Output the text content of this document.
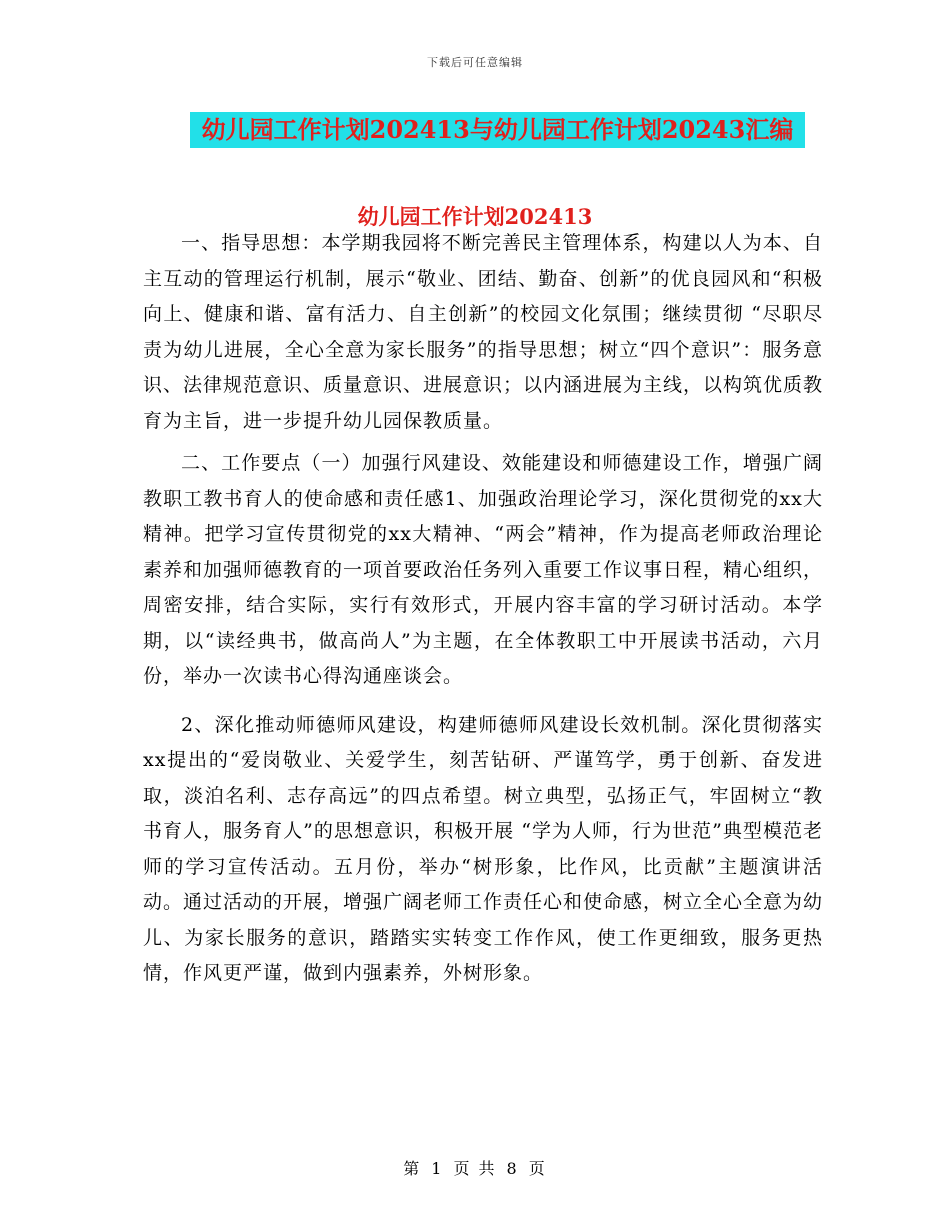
下载后可任意编辑
幼儿园工作计划202413与幼儿园工作计划20243汇编
幼儿园工作计划202413

一、指导思想：本学期我园将不断完善民主管理体系，构建以人为本、自主互动的管理运行机制，展示“敬业、团结、勤奋、创新”的优良园风和“积极向上、健康和谐、富有活力、自主创新”的校园文化氛围；继续贯彻 “尽职尽责为幼儿进展，全心全意为家长服务”的指导思想；树立“四个意识”：服务意识、法律规范意识、质量意识、进展意识；以内涵进展为主线，以构筑优质教育为主旨，进一步提升幼儿园保教质量。

二、工作要点（一）加强行风建设、效能建设和师德建设工作，增强广阔教职工教书育人的使命感和责任感1、加强政治理论学习，深化贯彻党的xx大精神。把学习宣传贯彻党的xx大精神、“两会”精神，作为提高老师政治理论素养和加强师德教育的一项首要政治任务列入重要工作议事日程，精心组织，周密安排，结合实际，实行有效形式，开展内容丰富的学习研讨活动。本学期，以“读经典书，做高尚人”为主题，在全体教职工中开展读书活动，六月份，举办一次读书心得沟通座谈会。

2、深化推动师德师风建设，构建师德师风建设长效机制。深化贯彻落实xx提出的“爱岗敬业、关爱学生，刻苦钻研、严谨笃学，勇于创新、奋发进取，淡泊名利、志存高远”的四点希望。树立典型，弘扬正气，牢固树立“教书育人，服务育人”的思想意识，积极开展 “学为人师，行为世范”典型模范老师的学习宣传活动。五月份，举办“树形象，比作风，比贡献”主题演讲活动。通过活动的开展，增强广阔老师工作责任心和使命感，树立全心全意为幼儿、为家长服务的意识，踏踏实实转变工作作风，使工作更细致，服务更热情，作风更严谨，做到内强素养，外树形象。

第 1 页 共 8 页
